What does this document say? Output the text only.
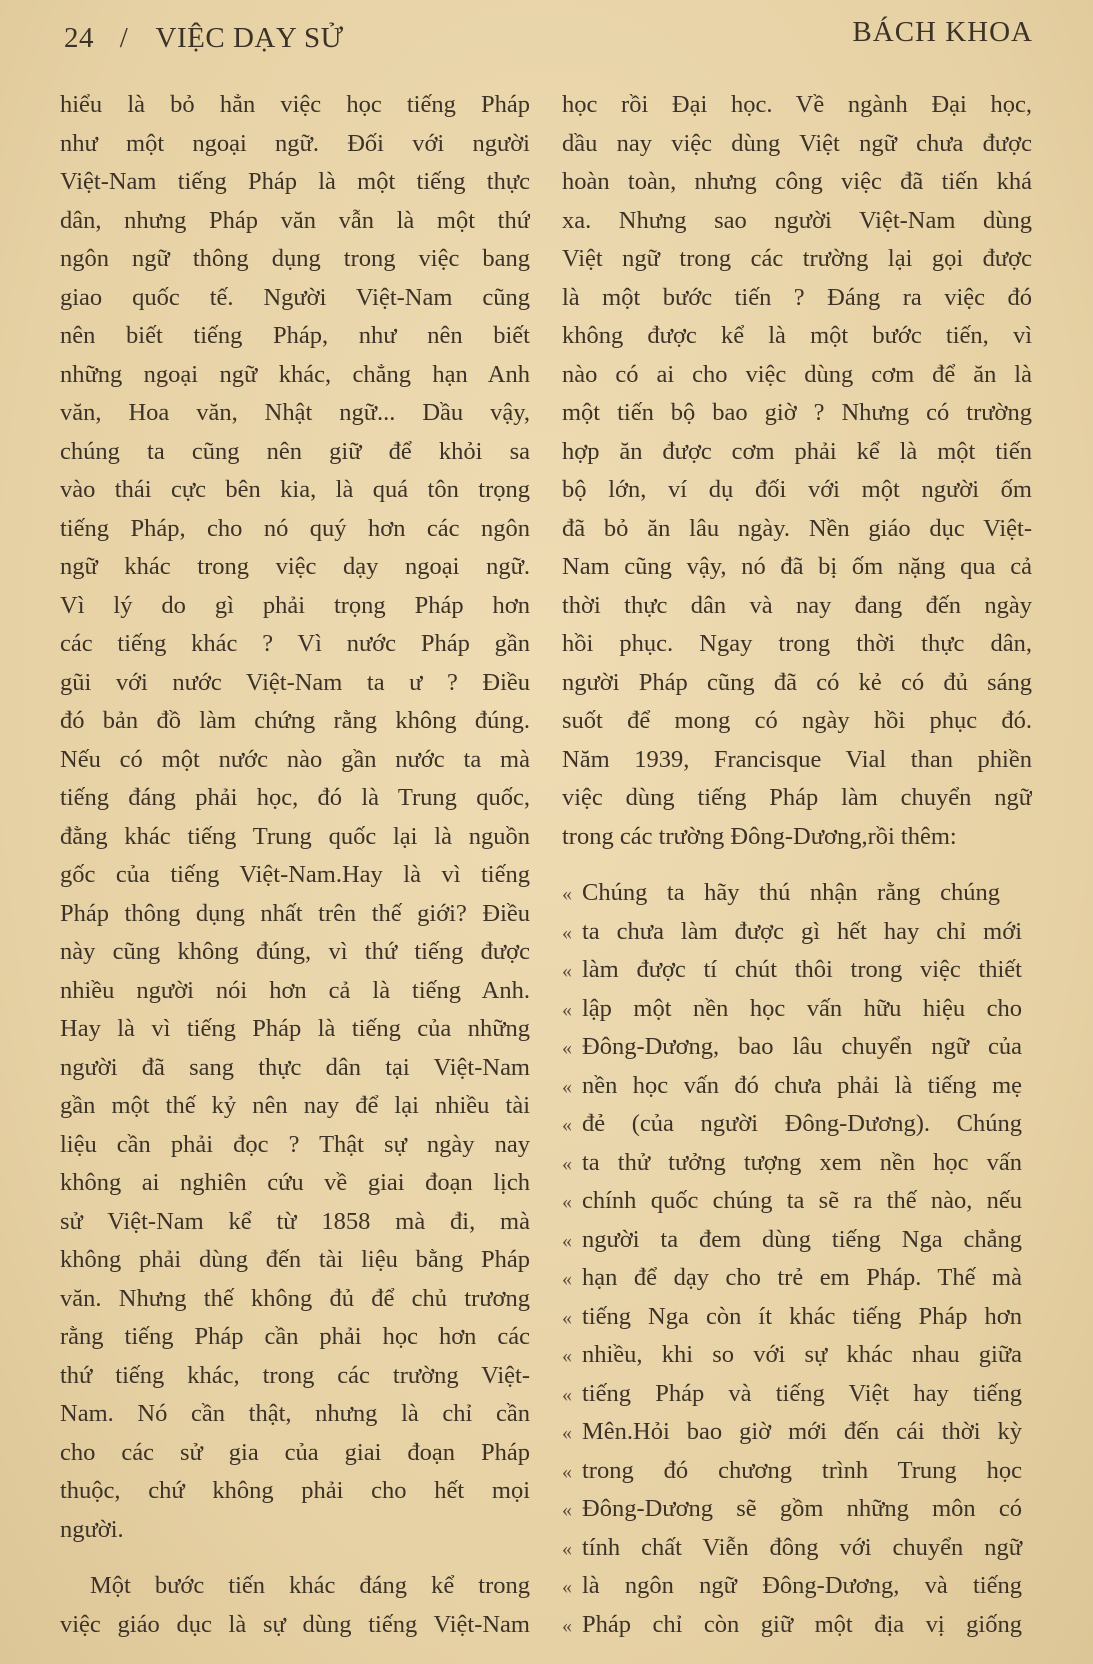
24 / VIỆC DẠY SỬ	BÁCH KHOA
hiểu là bỏ hẳn việc học tiếng Pháp
như một ngoại ngữ. Đối với người
Việt-Nam tiếng Pháp là một tiếng thực
dân, nhưng Pháp văn vẫn là một thứ
ngôn ngữ thông dụng trong việc bang
giao quốc tế. Người Việt-Nam cũng
nên biết tiếng Pháp, như nên biết
những ngoại ngữ khác, chẳng hạn Anh
văn, Hoa văn, Nhật ngữ... Dầu vậy,
chúng ta cũng nên giữ để khỏi sa
vào thái cực bên kia, là quá tôn trọng
tiếng Pháp, cho nó quý hơn các ngôn
ngữ khác trong việc dạy ngoại ngữ.
Vì lý do gì phải trọng Pháp hơn
các tiếng khác ? Vì nước Pháp gần
gũi với nước Việt-Nam ta ư ? Điều
đó bản đồ làm chứng rằng không đúng.
Nếu có một nước nào gần nước ta mà
tiếng đáng phải học, đó là Trung quốc,
đằng khác tiếng Trung quốc lại là nguồn
gốc của tiếng Việt-Nam.Hay là vì tiếng
Pháp thông dụng nhất trên thế giới? Điều
này cũng không đúng, vì thứ tiếng được
nhiều người nói hơn cả là tiếng Anh.
Hay là vì tiếng Pháp là tiếng của những
người đã sang thực dân tại Việt-Nam
gần một thế kỷ nên nay để lại nhiều tài
liệu cần phải đọc ? Thật sự ngày nay
không ai nghiên cứu về giai đoạn lịch
sử Việt-Nam kể từ 1858 mà đi, mà
không phải dùng đến tài liệu bằng Pháp
văn. Nhưng thế không đủ để chủ trương
rằng tiếng Pháp cần phải học hơn các
thứ tiếng khác, trong các trường Việt-
Nam. Nó cần thật, nhưng là chỉ cần
cho các sử gia của giai đoạn Pháp
thuộc, chứ không phải cho hết mọi
người.
Một bước tiến khác đáng kể trong
việc giáo dục là sự dùng tiếng Việt-Nam
học rồi Đại học. Về ngành Đại học,
dầu nay việc dùng Việt ngữ chưa được
hoàn toàn, nhưng công việc đã tiến khá
xa. Nhưng sao người Việt-Nam dùng
Việt ngữ trong các trường lại gọi được
là một bước tiến ? Đáng ra việc đó
không được kể là một bước tiến, vì
nào có ai cho việc dùng cơm để ăn là
một tiến bộ bao giờ ? Nhưng có trường
hợp ăn được cơm phải kể là một tiến
bộ lớn, ví dụ đối với một người ốm
đã bỏ ăn lâu ngày. Nền giáo dục Việt-
Nam cũng vậy, nó đã bị ốm nặng qua cả
thời thực dân và nay đang đến ngày
hồi phục. Ngay trong thời thực dân,
người Pháp cũng đã có kẻ có đủ sáng
suốt để mong có ngày hồi phục đó.
Năm 1939, Francisque Vial than phiền
việc dùng tiếng Pháp làm chuyển ngữ
trong các trường Đông-Dương,rồi thêm:
« Chúng ta hãy thú nhận rằng chúng
« ta chưa làm được gì hết hay chỉ mới
« làm được tí chút thôi trong việc thiết
« lập một nền học vấn hữu hiệu cho
« Đông-Dương, bao lâu chuyển ngữ của
« nền học vấn đó chưa phải là tiếng mẹ
« đẻ (của người Đông-Dương). Chúng
« ta thử tưởng tượng xem nền học vấn
« chính quốc chúng ta sẽ ra thế nào, nếu
« người ta đem dùng tiếng Nga chẳng
« hạn để dạy cho trẻ em Pháp. Thế mà
« tiếng Nga còn ít khác tiếng Pháp hơn
« nhiều, khi so với sự khác nhau giữa
« tiếng Pháp và tiếng Việt hay tiếng
« Mên.Hỏi bao giờ mới đến cái thời kỳ
« trong đó chương trình Trung học
« Đông-Dương sẽ gồm những môn có
« tính chất Viễn đông với chuyển ngữ
« là ngôn ngữ Đông-Dương, và tiếng
« Pháp chỉ còn giữ một địa vị giống
